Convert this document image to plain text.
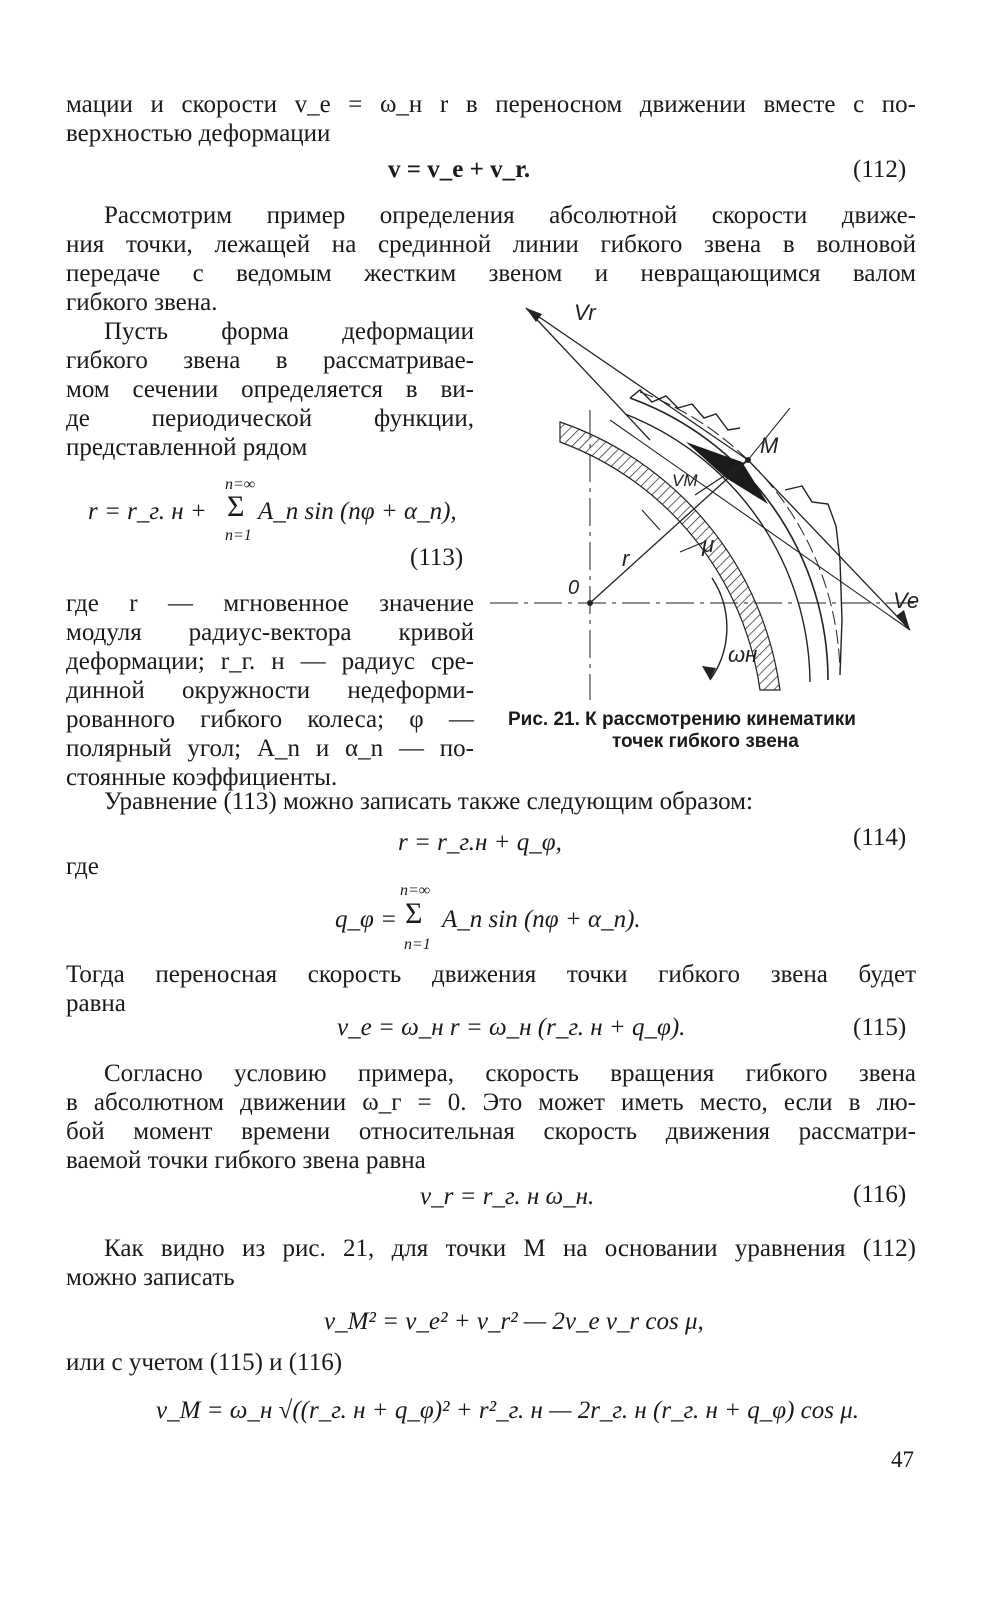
мации и скорости v_e = ω_н r в переносном движении вместе с по-

верхностью деформации

v = v_e + v_r.	(112)

Рассмотрим пример определения абсолютной скорости движе-

ния точки, лежащей на срединной линии гибкого звена в волновой

передаче с ведомым жестким звеном и невращающимся валом

гибкого звена.

Пусть форма деформации

гибкого звена в рассматривае-

мом сечении определяется в ви-

де периодической функции,

представленной рядом

n=∞
r = r_г. н + Σ A_n sin (nφ + α_n),
n=1
(113)

где r — мгновенное значение

модуля радиус-вектора кривой

деформации; r_г. н — радиус сре-

динной окружности недеформи-

рованного гибкого колеса; φ —

полярный угол; A_n и α_n — по-

стоянные коэффициенты.

Vr
M
VM
r
μ
0	Ve
ωн
Рис. 21. К рассмотрению кинематики
точек гибкого звена

Уравнение (113) можно записать также следующим образом:

r = r_г.н + q_φ,	(114)

где

n=∞
q_φ = Σ A_n sin (nφ + α_n).
n=1

Тогда переносная скорость движения точки гибкого звена будет

равна

v_e = ω_н r = ω_н (r_г. н + q_φ).	(115)

Согласно условию примера, скорость вращения гибкого звена

в абсолютном движении ω_г = 0. Это может иметь место, если в лю-

бой момент времени относительная скорость движения рассматри-

ваемой точки гибкого звена равна

v_r = r_г. н ω_н.	(116)

Как видно из рис. 21, для точки M на основании уравнения (112)

можно записать

v_M² = v_e² + v_r² — 2v_e v_r cos μ,

или с учетом (115) и (116)

v_M = ω_н √((r_г. н + q_φ)² + r²_г. н — 2r_г. н (r_г. н + q_φ) cos μ.
47
